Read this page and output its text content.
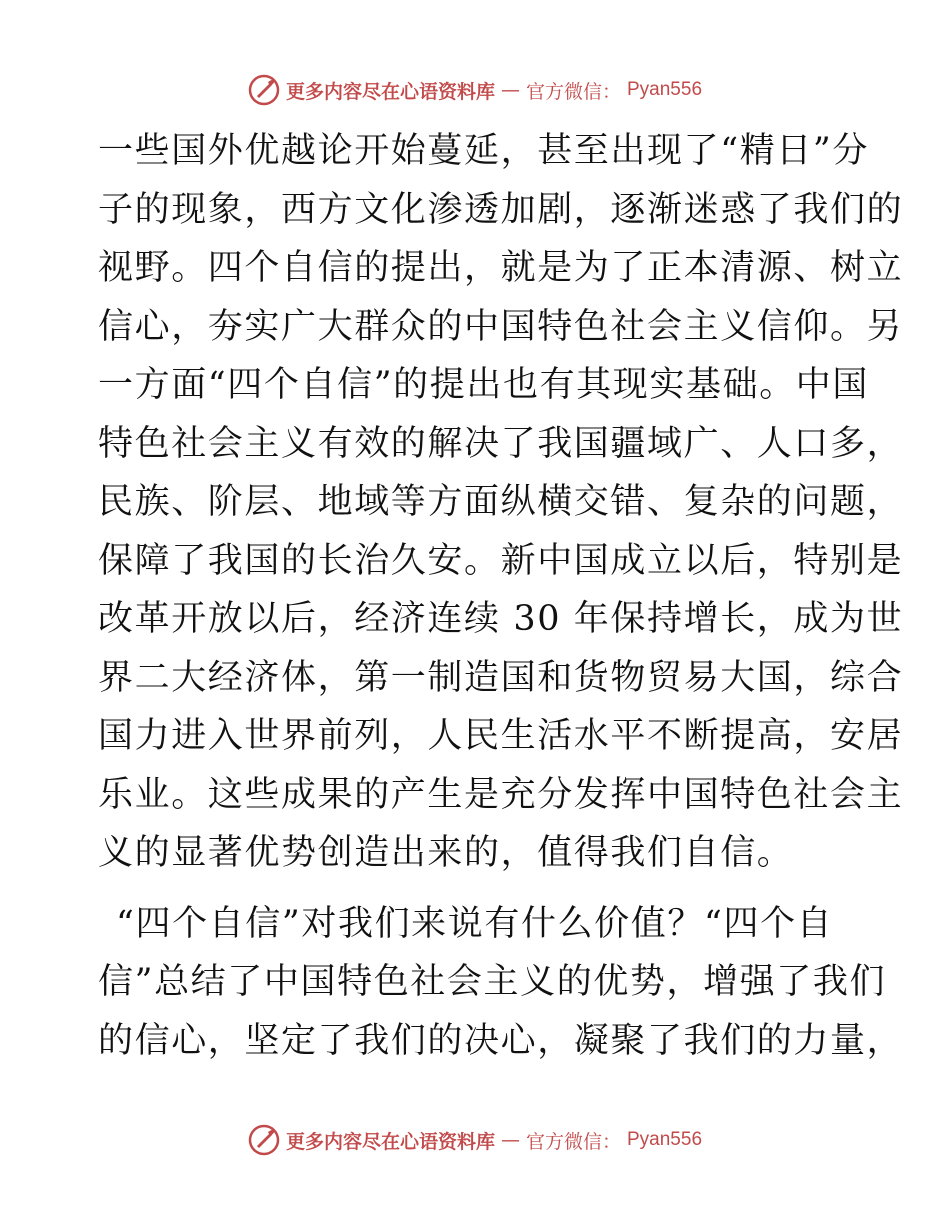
更多内容尽在心语资料库 — 官方微信： Pyan556
一些国外优越论开始蔓延，甚至出现了“精日”分
子的现象，西方文化渗透加剧，逐渐迷惑了我们的
视野。四个自信的提出，就是为了正本清源、树立
信心，夯实广大群众的中国特色社会主义信仰。另
一方面“四个自信”的提出也有其现实基础。中国
特色社会主义有效的解决了我国疆域广、人口多，
民族、阶层、地域等方面纵横交错、复杂的问题，
保障了我国的长治久安。新中国成立以后，特别是
改革开放以后，经济连续 30 年保持增长，成为世
界二大经济体，第一制造国和货物贸易大国，综合
国力进入世界前列，人民生活水平不断提高，安居
乐业。这些成果的产生是充分发挥中国特色社会主
义的显著优势创造出来的，值得我们自信。
“四个自信”对我们来说有什么价值？“四个自
信”总结了中国特色社会主义的优势，增强了我们
的信心，坚定了我们的决心，凝聚了我们的力量，
更多内容尽在心语资料库 — 官方微信： Pyan556
